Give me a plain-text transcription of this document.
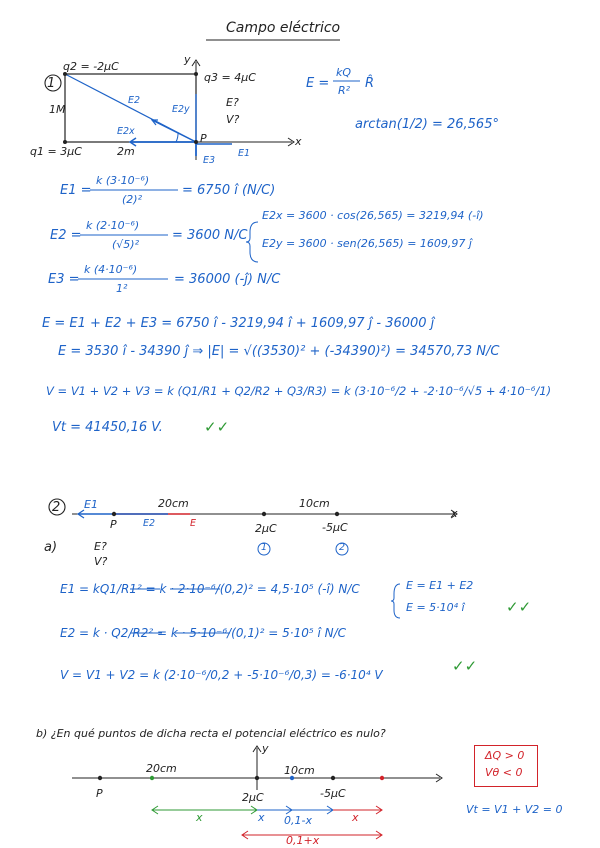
Campo eléctrico
1
q2 = -2μC
q3 = 4μC
q1 = 3μC
1M
2m
E2
E2y
E2x
P	x
y
E3
E1
E?
V?
E =
kQ
R² R̂
arctan(1/2) = 26,565°
E1 =
k (3·10⁻⁶)
(2)²
= 6750 î (N/C)
E2 =
k (2·10⁻⁶)
(√5)²
= 3600 N/C
E2x = 3600 · cos(26,565) = 3219,94 (-î)
E2y = 3600 · sen(26,565) = 1609,97 ĵ
E3 =
k (4·10⁻⁶)
1²
= 36000 (-ĵ) N/C
E = E1 + E2 + E3 = 6750 î - 3219,94 î + 1609,97 ĵ - 36000 ĵ
E = 3530 î - 34390 ĵ ⇒ |E| = √((3530)² + (-34390)²) = 34570,73 N/C
V = V1 + V2 + V3 = k (Q1/R1 + Q2/R2 + Q3/R3) = k (3·10⁻⁶/2 + -2·10⁻⁶/√5 + 4·10⁻⁶/1)
Vt = 41450,16 V.	✓✓
2 E1	20cm	10cm
x
P	E2	E	2μC	-5μC
1	2
a)	E?
V?
E1 = kQ1/R1² = k · 2·10⁻⁶/(0,2)² = 4,5·10⁵ (-î) N/C	E = E1 + E2
E = 5·10⁴ î	✓✓
E2 = k · Q2/R2² = k · 5·10⁻⁶/(0,1)² = 5·10⁵ î N/C
V = V1 + V2 = k (2·10⁻⁶/0,2 + -5·10⁻⁶/0,3) = -6·10⁴ V	✓✓
b) ¿En qué puntos de dicha recta el potencial eléctrico es nulo?
ΔQ > 0
Vθ < 0
Vt = V1 + V2 = 0
20cm	10cm
y
P	2μC	-5μC
x	x 0,1-x	x
0,1+x
